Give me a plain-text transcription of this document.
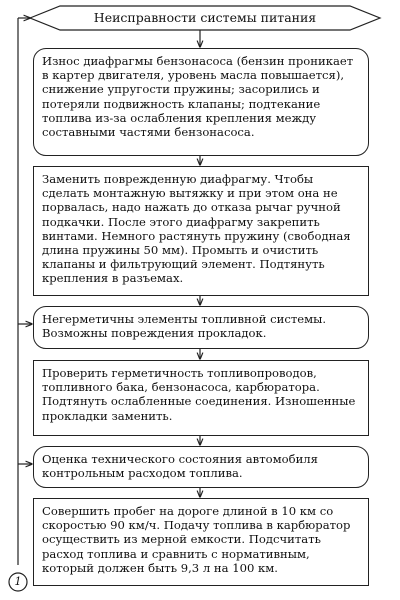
Неисправности системы питания
Износ диафрагмы бензонасоса (бензин проникает в картер двигателя, уровень масла повышается), снижение упругости пружины; засорились и потеряли подвижность клапаны; подтекание топлива из-за ослабления крепления между составными частями бензонасоса.
Заменить поврежденную диафрагму. Чтобы сделать монтажную вытяжку и при этом она не порвалась, надо нажать до отказа рычаг ручной подкачки. После этого диафрагму закрепить винтами. Немного растянуть пружину (свободная длина пружины 50 мм). Промыть и очистить клапаны и фильтрующий элемент. Подтянуть крепления в разъемах.
Негерметичны элементы топливной системы. Возможны повреждения прокладок.
Проверить герметичность топливопроводов, топливного бака, бензонасоса, карбюратора. Подтянуть ослабленные соединения. Изношенные прокладки заменить.
Оценка технического состояния автомобиля контрольным расходом топлива.
Совершить пробег на дороге длиной в 10 км со скоростью 90 км/ч. Подачу топлива в карбюратор осуществить из мерной емкости. Подсчитать расход топлива и сравнить с нормативным, который должен быть 9,3 л на 100 км.
1
